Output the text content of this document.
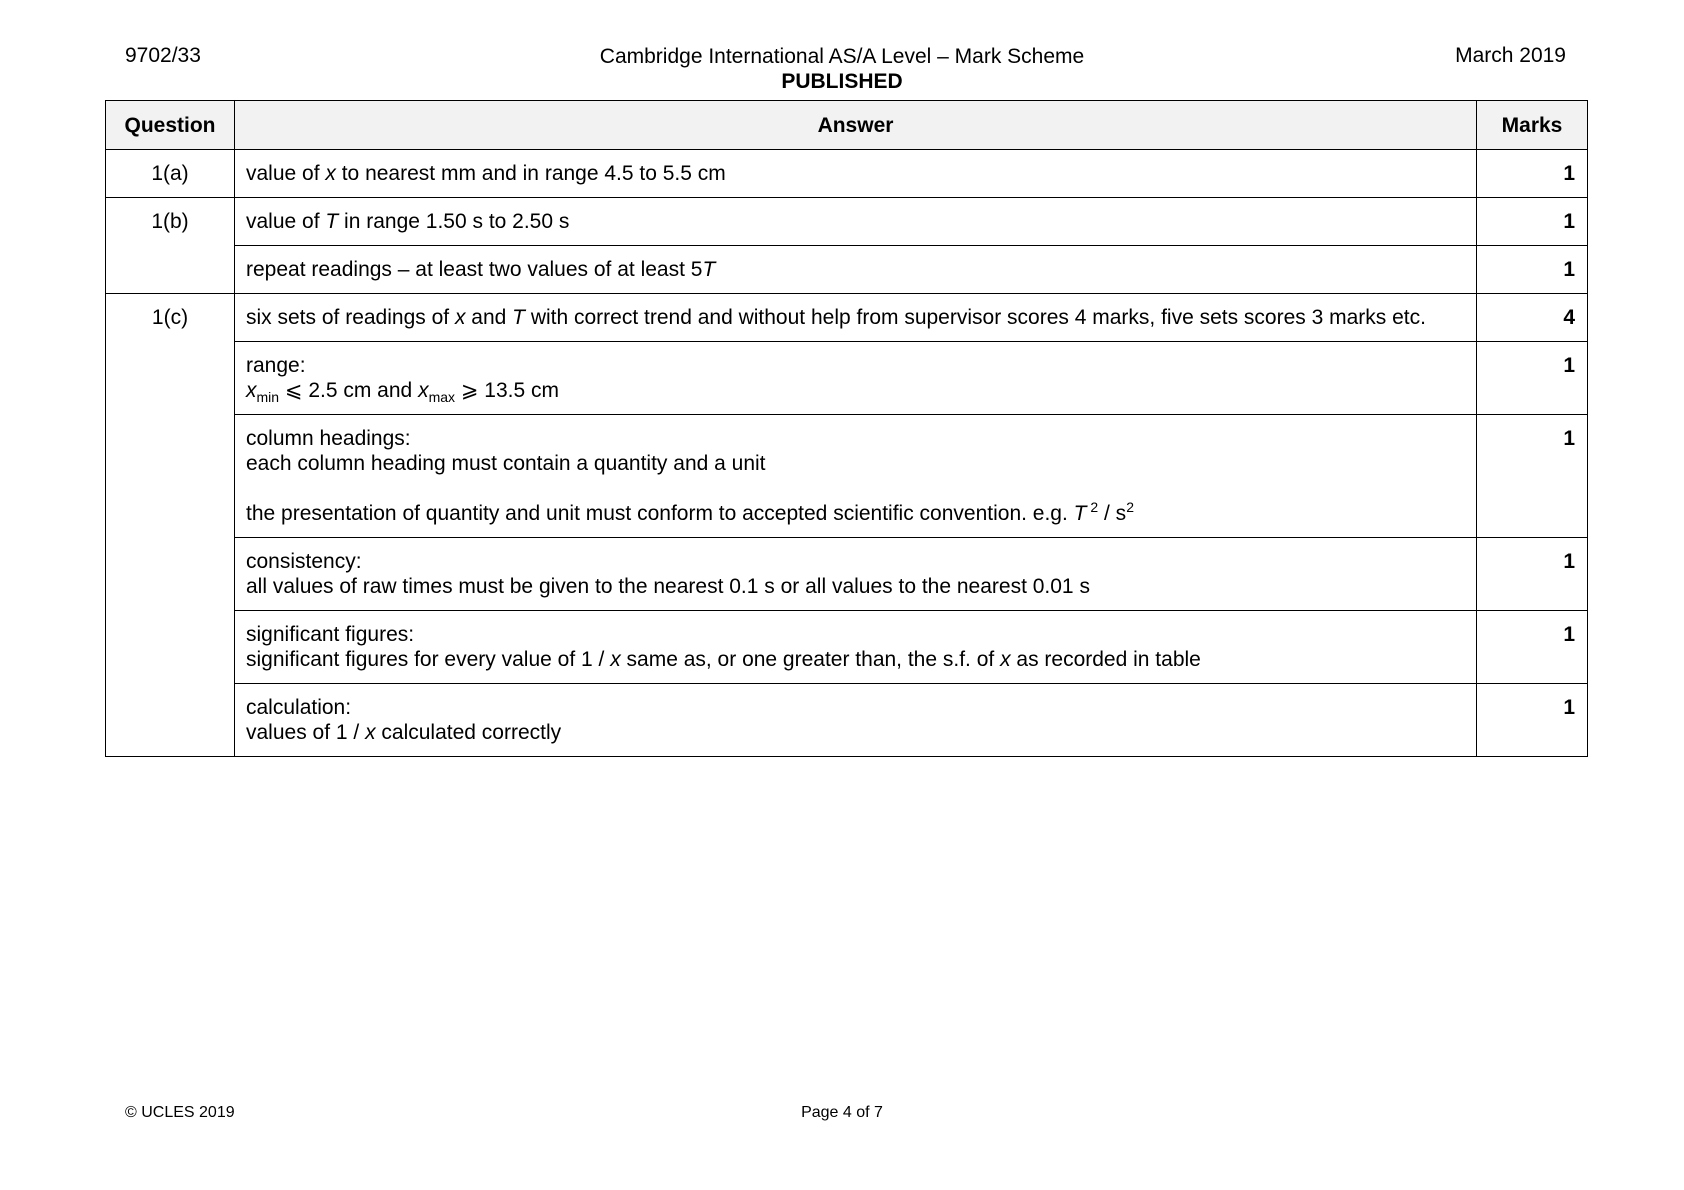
9702/33	Cambridge International AS/A Level – Mark Scheme
PUBLISHED
March 2019
Question	Answer	Marks
1(a)	value of x to nearest mm and in range 4.5 to 5.5 cm	1
1(b)	value of T in range 1.50 s to 2.50 s	1
	repeat readings – at least two values of at least 5T	1
1(c)	six sets of readings of x and T with correct trend and without help from supervisor scores 4 marks, five sets scores 3 marks etc.	4

	range:
$x_{min}$ ⩽ 2.5 cm and $x_{max}$ ⩾ 13.5 cm	1

	column headings:
each column heading must contain a quantity and a unit
the presentation of quantity and unit must conform to accepted scientific convention. e.g. T $^2 / s^2$	1

	consistency:
all values of raw times must be given to the nearest 0.1 s or all values to the nearest 0.01 s	1

	significant figures:
significant figures for every value of 1 / x same as, or one greater than, the s.f. of x as recorded in table	1

	calculation:
values of 1 / x calculated correctly	1
© UCLES 2019	Page 4 of 7
